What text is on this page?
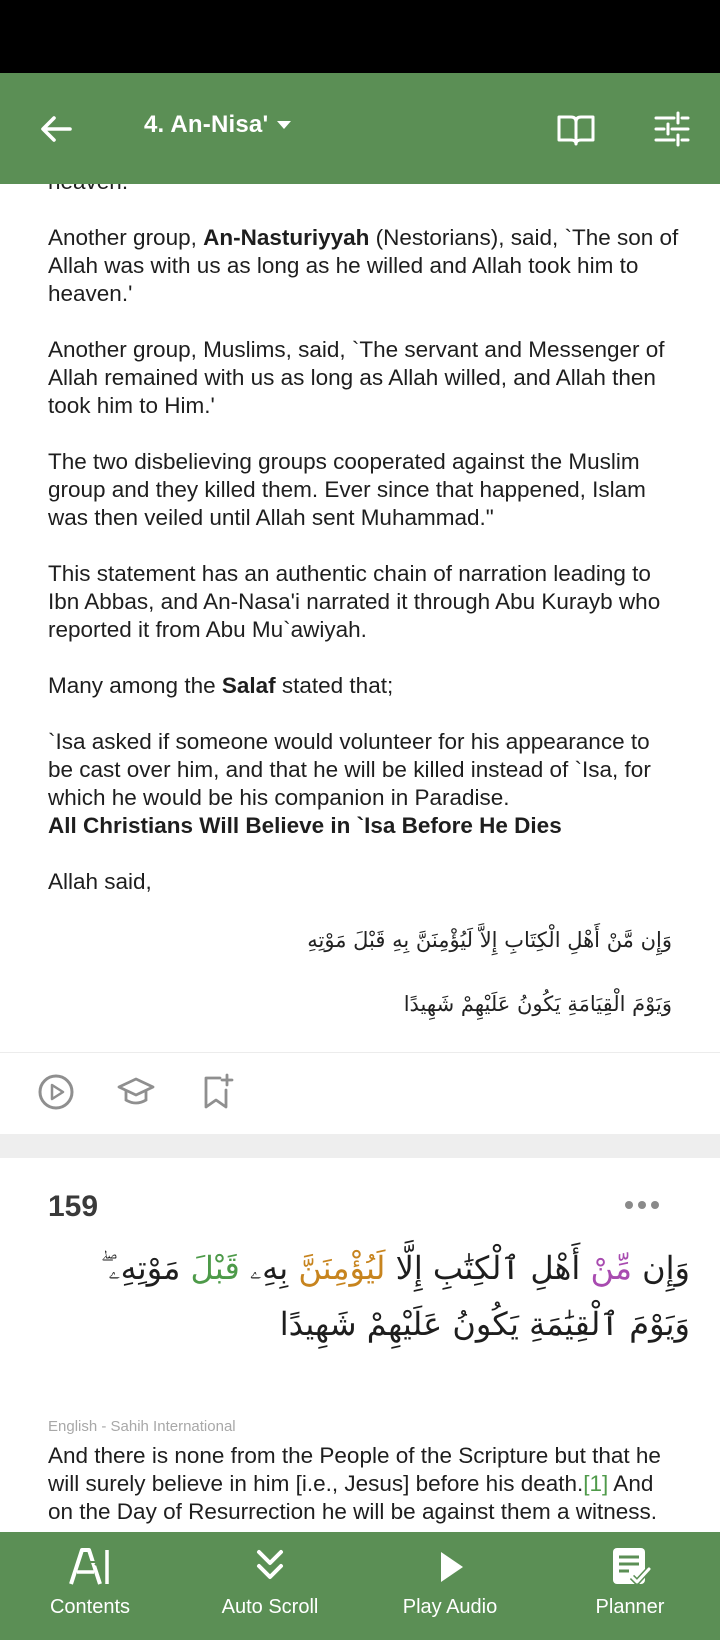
4. An-Nisa'

Another group, An-Nasturiyyah (Nestorians), said, `The son of Allah was with us as long as he willed and Allah took him to heaven.'

Another group, Muslims, said, `The servant and Messenger of Allah remained with us as long as Allah willed, and Allah then took him to Him.'

The two disbelieving groups cooperated against the Muslim group and they killed them. Ever since that happened, Islam was then veiled until Allah sent Muhammad."

This statement has an authentic chain of narration leading to Ibn Abbas, and An-Nasa'i narrated it through Abu Kurayb who reported it from Abu Mu`awiyah.

Many among the Salaf stated that;

`Isa asked if someone would volunteer for his appearance to be cast over him, and that he will be killed instead of `Isa, for which he would be his companion in Paradise.

All Christians Will Believe in `Isa Before He Dies

Allah said,

وَإِن مَّنْ أَهْلِ الْكِتَابِ إِلاَّ لَيُؤْمِنَنَّ بِهِ قَبْلَ مَوْتِهِ
وَيَوْمَ الْقِيَامَةِ يَكُونُ عَلَيْهِمْ شَهِيدًا
159
وَإِن مِّنْ أَهْلِ ٱلْكِتَٰبِ إِلَّا لَيُؤْمِنَنَّ بِهِۦ قَبْلَ مَوْتِهِۦ ۖ وَيَوْمَ ٱلْقِيَٰمَةِ يَكُونُ عَلَيْهِمْ شَهِيدًا
English - Sahih International
And there is none from the People of the Scripture but that he will surely believe in him [i.e., Jesus] before his death.[1] And on the Day of Resurrection he will be against them a witness.
Contents	Auto Scroll	Play Audio	Planner
